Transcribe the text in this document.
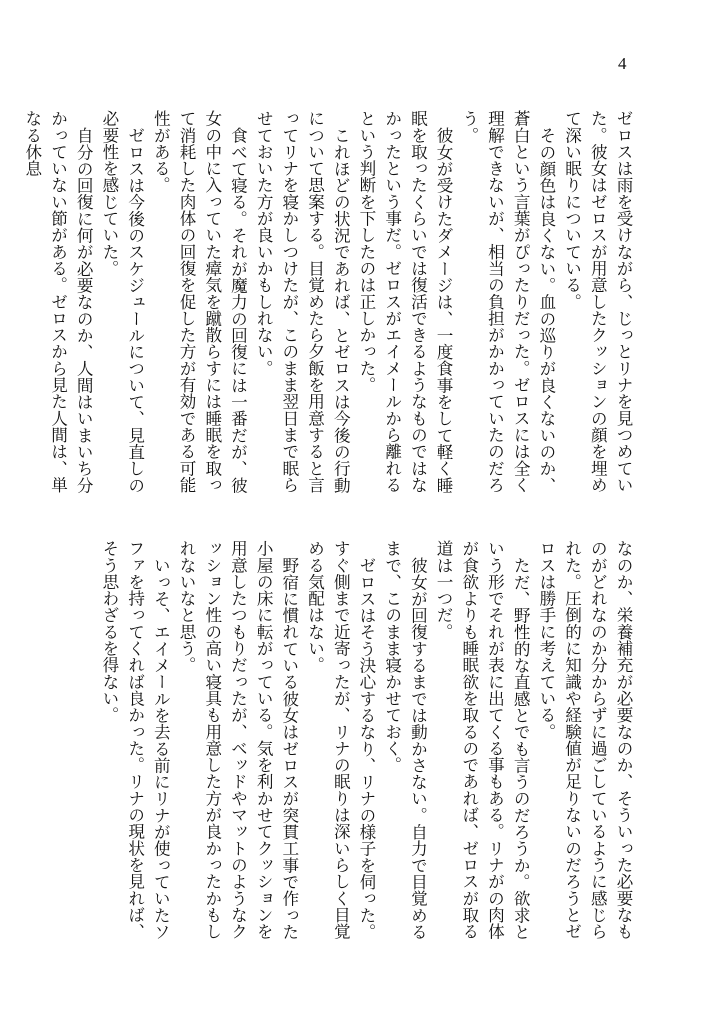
4

ゼロスは雨を受けながら、じっとリナを見つめていた。彼女はゼロスが用意したクッションの顔を埋めて深い眠りについている。

その顔色は良くない。血の巡りが良くないのか、蒼白という言葉がぴったりだった。ゼロスには全く理解できないが、相当の負担がかかっていたのだろう。

彼女が受けたダメージは、一度食事をして軽く睡眠を取ったくらいでは復活できるようなものではなかったという事だ。ゼロスがエイメールから離れるという判断を下したのは正しかった。

これほどの状況であれば、とゼロスは今後の行動について思案する。目覚めたら夕飯を用意すると言ってリナを寝かしつけたが、このまま翌日まで眠らせておいた方が良いかもしれない。

食べて寝る。それが魔力の回復には一番だが、彼女の中に入っていた瘴気を蹴散らすには睡眠を取って消耗した肉体の回復を促した方が有効である可能性がある。

ゼロスは今後のスケジュールについて、見直しの必要性を感じていた。

自分の回復に何が必要なのか、人間はいまいち分かっていない節がある。ゼロスから見た人間は、単なる休息

なのか、栄養補充が必要なのか、そういった必要なものがどれなのか分からずに過ごしているように感じられた。圧倒的に知識や経験値が足りないのだろうとゼロスは勝手に考えている。

ただ、野性的な直感とでも言うのだろうか。欲求という形でそれが表に出てくる事もある。リナがの肉体が食欲よりも睡眠欲を取るのであれば、ゼロスが取る道は一つだ。

彼女が回復するまでは動かさない。自力で目覚めるまで、このまま寝かせておく。

ゼロスはそう決心するなり、リナの様子を伺った。すぐ側まで近寄ったが、リナの眠りは深いらしく目覚める気配はない。

野宿に慣れている彼女はゼロスが突貫工事で作った小屋の床に転がっている。気を利かせてクッションを用意したつもりだったが、ベッドやマットのようなクッション性の高い寝具も用意した方が良かったかもしれないなと思う。

いっそ、エイメールを去る前にリナが使っていたソファを持ってくれば良かった。リナの現状を見れば、そう思わざるを得ない。
